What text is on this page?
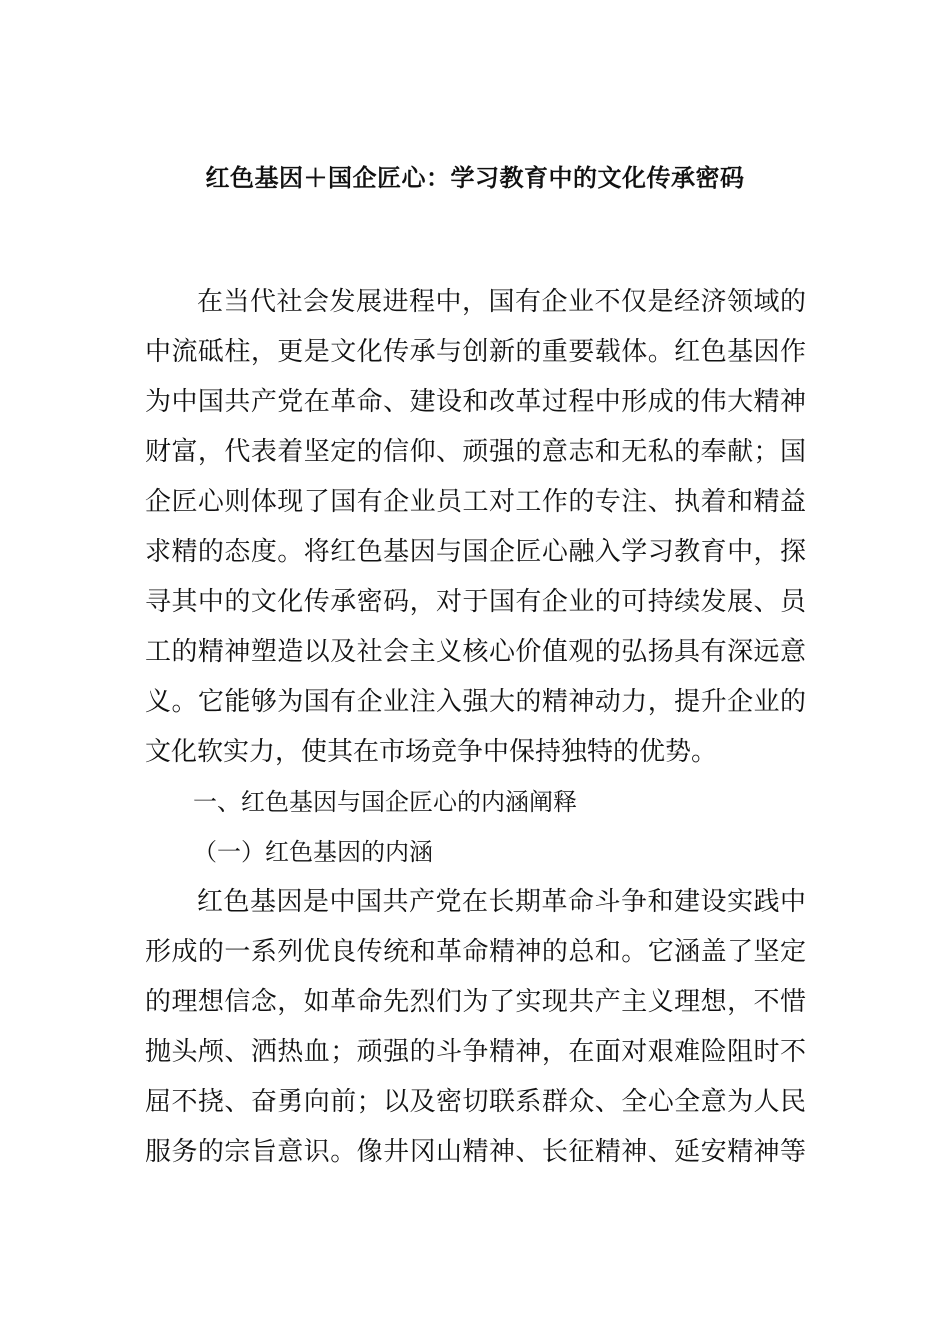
红色基因＋国企匠心：学习教育中的文化传承密码
在当代社会发展进程中，国有企业不仅是经济领域的
中流砥柱，更是文化传承与创新的重要载体。红色基因作
为中国共产党在革命、建设和改革过程中形成的伟大精神
财富，代表着坚定的信仰、顽强的意志和无私的奉献；国
企匠心则体现了国有企业员工对工作的专注、执着和精益
求精的态度。将红色基因与国企匠心融入学习教育中，探
寻其中的文化传承密码，对于国有企业的可持续发展、员
工的精神塑造以及社会主义核心价值观的弘扬具有深远意
义。它能够为国有企业注入强大的精神动力，提升企业的
文化软实力，使其在市场竞争中保持独特的优势。
一、红色基因与国企匠心的内涵阐释
（一）红色基因的内涵
红色基因是中国共产党在长期革命斗争和建设实践中
形成的一系列优良传统和革命精神的总和。它涵盖了坚定
的理想信念，如革命先烈们为了实现共产主义理想，不惜
抛头颅、洒热血；顽强的斗争精神，在面对艰难险阻时不
屈不挠、奋勇向前；以及密切联系群众、全心全意为人民
服务的宗旨意识。像井冈山精神、长征精神、延安精神等
